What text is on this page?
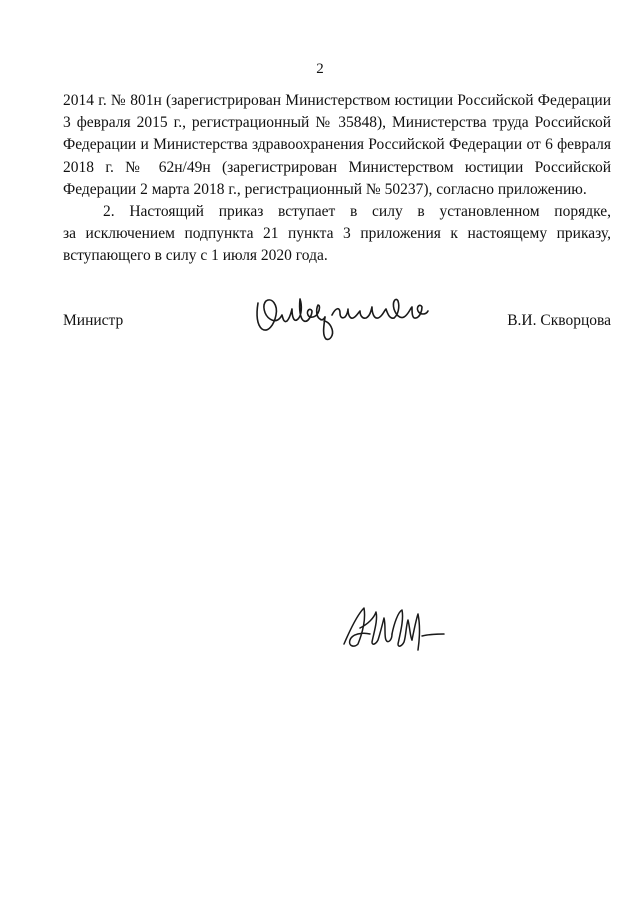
2

2014 г. № 801н (зарегистрирован Министерством юстиции Российской Федерации
3 февраля 2015 г., регистрационный № 35848), Министерства труда Российской
Федерации и Министерства здравоохранения Российской Федерации от 6 февраля
2018 г. № 62н/49н (зарегистрирован Министерством юстиции Российской
Федерации 2 марта 2018 г., регистрационный № 50237), согласно приложению.

2. Настоящий приказ вступает в силу в установленном порядке,
за исключением подпункта 21 пункта 3 приложения к настоящему приказу,
вступающего в силу с 1 июля 2020 года.

Министр	В.И. Скворцова
